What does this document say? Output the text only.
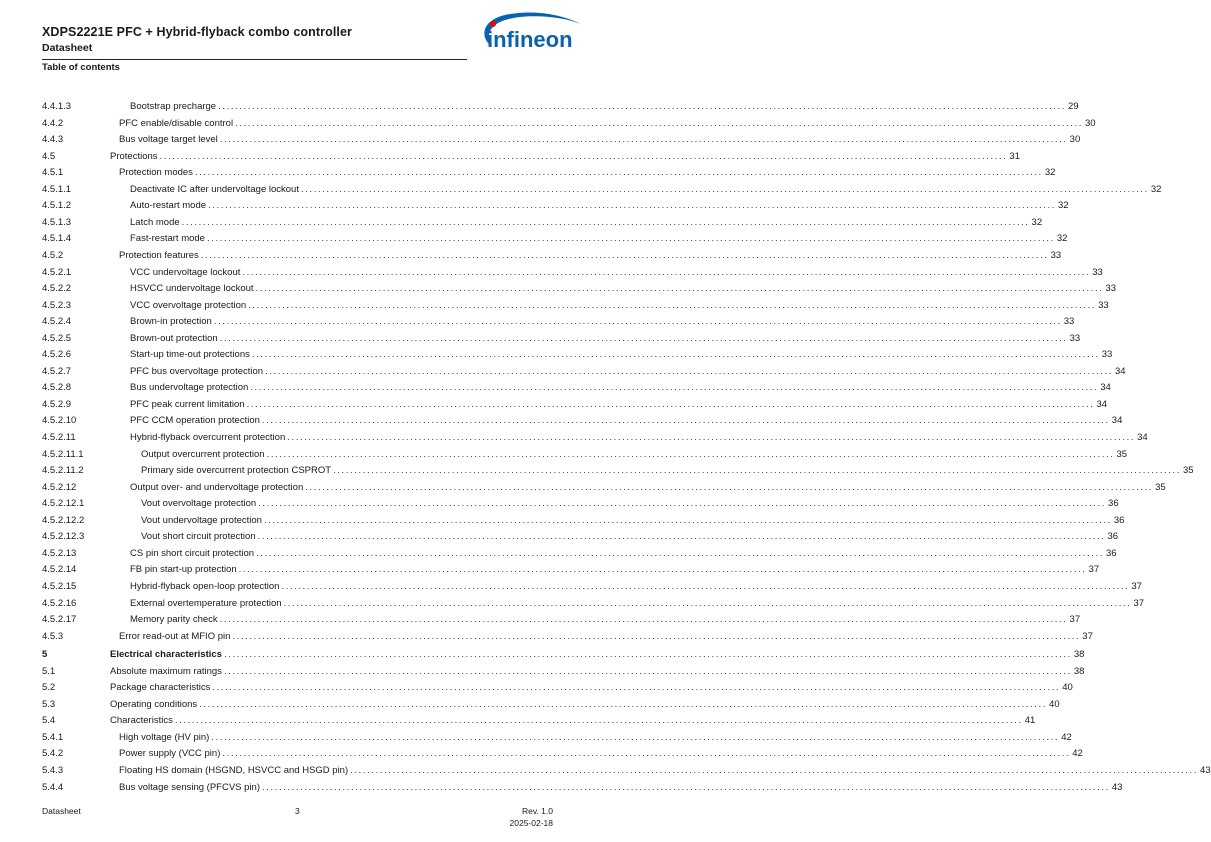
XDPS2221E PFC + Hybrid-flyback combo controller
Datasheet
Table of contents
infineon
4.4.1.3	Bootstrap precharge ........................................................................................................................................................................................................ 29
4.4.2	PFC enable/disable control ........................................................................................................................................................................................................ 30
4.4.3	Bus voltage target level ........................................................................................................................................................................................................ 30
4.5	Protections ........................................................................................................................................................................................................ 31
4.5.1	Protection modes ........................................................................................................................................................................................................ 32
4.5.1.1	Deactivate IC after undervoltage lockout ........................................................................................................................................................................................................ 32
4.5.1.2	Auto-restart mode ........................................................................................................................................................................................................ 32
4.5.1.3	Latch mode ........................................................................................................................................................................................................ 32
4.5.1.4	Fast-restart mode ........................................................................................................................................................................................................ 32
4.5.2	Protection features ........................................................................................................................................................................................................ 33
4.5.2.1	VCC undervoltage lockout ........................................................................................................................................................................................................ 33
4.5.2.2	HSVCC undervoltage lockout ........................................................................................................................................................................................................ 33
4.5.2.3	VCC overvoltage protection ........................................................................................................................................................................................................ 33
4.5.2.4	Brown-in protection ........................................................................................................................................................................................................ 33
4.5.2.5	Brown-out protection ........................................................................................................................................................................................................ 33
4.5.2.6	Start-up time-out protections ........................................................................................................................................................................................................ 33
4.5.2.7	PFC bus overvoltage protection ........................................................................................................................................................................................................ 34
4.5.2.8	Bus undervoltage protection ........................................................................................................................................................................................................ 34
4.5.2.9	PFC peak current limitation ........................................................................................................................................................................................................ 34
4.5.2.10	PFC CCM operation protection ........................................................................................................................................................................................................ 34
4.5.2.11	Hybrid-flyback overcurrent protection ........................................................................................................................................................................................................ 34
4.5.2.11.1	Output overcurrent protection ........................................................................................................................................................................................................ 35
4.5.2.11.2	Primary side overcurrent protection CSPROT ........................................................................................................................................................................................................ 35
4.5.2.12	Output over- and undervoltage protection ........................................................................................................................................................................................................ 35
4.5.2.12.1	Vout overvoltage protection ........................................................................................................................................................................................................ 36
4.5.2.12.2	Vout undervoltage protection ........................................................................................................................................................................................................ 36
4.5.2.12.3	Vout short circuit protection ........................................................................................................................................................................................................ 36
4.5.2.13	CS pin short circuit protection ........................................................................................................................................................................................................ 36
4.5.2.14	FB pin start-up protection ........................................................................................................................................................................................................ 37
4.5.2.15	Hybrid-flyback open-loop protection ........................................................................................................................................................................................................ 37
4.5.2.16	External overtemperature protection ........................................................................................................................................................................................................ 37
4.5.2.17	Memory parity check ........................................................................................................................................................................................................ 37
4.5.3	Error read-out at MFIO pin ........................................................................................................................................................................................................ 37
5	Electrical characteristics ........................................................................................................................................................................................................ 38
5.1	Absolute maximum ratings ........................................................................................................................................................................................................ 38
5.2	Package characteristics ........................................................................................................................................................................................................ 40
5.3	Operating conditions ........................................................................................................................................................................................................ 40
5.4	Characteristics ........................................................................................................................................................................................................ 41
5.4.1	High voltage (HV pin) ........................................................................................................................................................................................................ 42
5.4.2	Power supply (VCC pin) ........................................................................................................................................................................................................ 42
5.4.3	Floating HS domain (HSGND, HSVCC and HSGD pin) ........................................................................................................................................................................................................ 43
5.4.4	Bus voltage sensing (PFCVS pin) ........................................................................................................................................................................................................ 43
Datasheet	3	Rev. 1.0
2025-02-18
